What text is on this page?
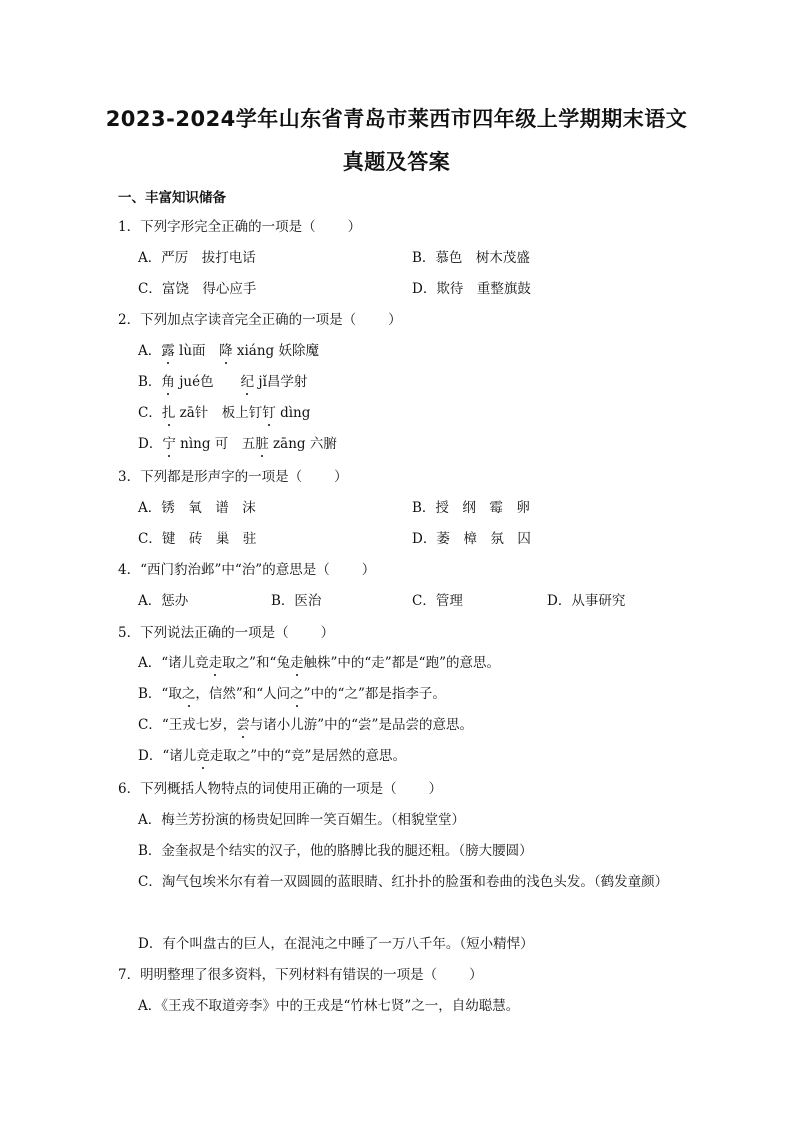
2023-2024学年山东省青岛市莱西市四年级上学期期末语文
真题及答案
一、丰富知识储备
1．下列字形完全正确的一项是（ ）
A．严厉　拔打电话	B．慕色　树木茂盛
C．富饶　得心应手	D．欺待　重整旗鼓
2．下列加点字读音完全正确的一项是（ ）
A．露 lù面　降 xiáng 妖除魔
B．角 jué色　　纪 jǐ昌学射
C．扎 zā针　板上钉钉 dìng
D．宁 nìng 可　五脏 zāng 六腑
3．下列都是形声字的一项是（ ）
A．锈　氧　谱　沫	B．授　纲　霉　卵
C．键　砖　巢　驻	D．萎　樟　氛　囚
4．“西门豹治邺”中“治”的意思是（ ）
A．惩办	B．医治	C．管理	D．从事研究
5．下列说法正确的一项是（ ）
A．“诸儿竞走取之”和“兔走触株”中的“走”都是“跑”的意思。
B．“取之，信然”和“人问之”中的“之”都是指李子。
C．“王戎七岁，尝与诸小儿游”中的“尝”是品尝的意思。
D．“诸儿竞走取之”中的“竞”是居然的意思。
6．下列概括人物特点的词使用正确的一项是（ ）
A．梅兰芳扮演的杨贵妃回眸一笑百媚生。（相貌堂堂）
B．金奎叔是个结实的汉子，他的胳膊比我的腿还粗。（膀大腰圆）
C．淘气包埃米尔有着一双圆圆的蓝眼睛、红扑扑的脸蛋和卷曲的浅色头发。（鹤发童颜）
D．有个叫盘古的巨人，在混沌之中睡了一万八千年。（短小精悍）
7．明明整理了很多资料，下列材料有错误的一项是（ ）
A．《王戎不取道旁李》中的王戎是“竹林七贤”之一，自幼聪慧。
